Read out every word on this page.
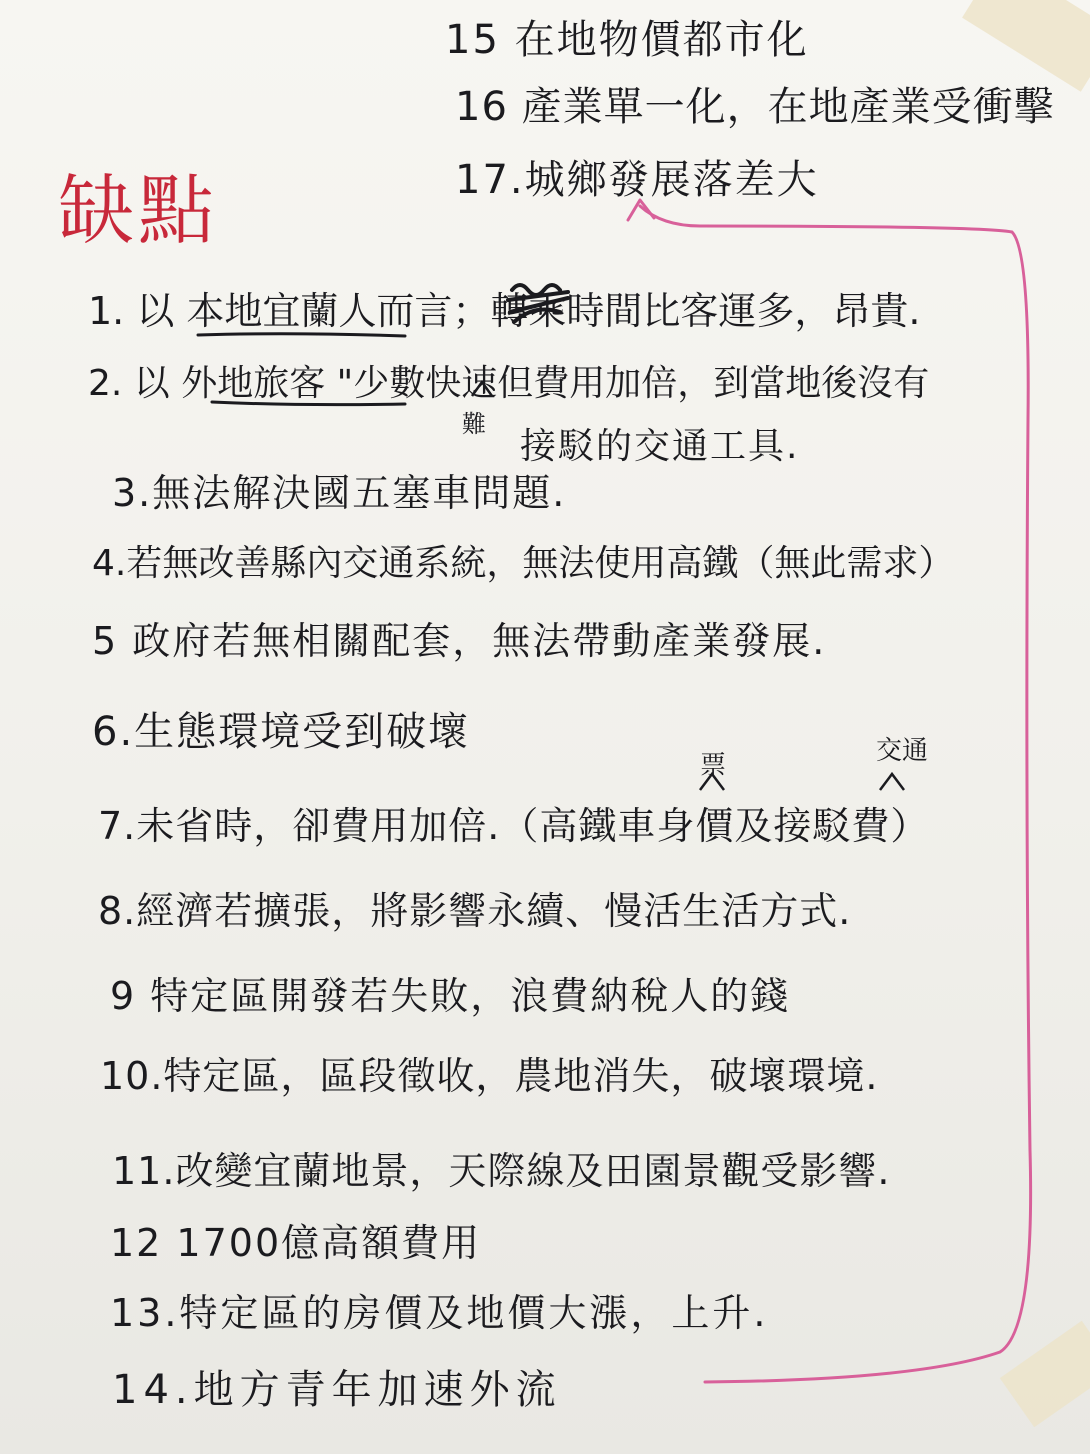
15 在地物價都市化
16 產業單一化，在地產業受衝擊
17.城鄉發展落差大
缺點
1. 以 本地宜蘭人而言；轉乘時間比客運多，昂貴.
2. 以 外地旅客 "少數快速但費用加倍，到當地後沒有
接駁的交通工具.
3.無法解決國五塞車問題.
4.若無改善縣內交通系統，無法使用高鐵（無此需求）
5 政府若無相關配套，無法帶動產業發展.
6.生態環境受到破壞
7.未省時，卻費用加倍.（高鐵車身價及接駁費）
8.經濟若擴張，將影響永續、慢活生活方式.
9 特定區開發若失敗，浪費納稅人的錢
10.特定區，區段徵收，農地消失，破壞環境.
11.改變宜蘭地景，天際線及田園景觀受影響.
12 1700億高額費用
13.特定區的房價及地價大漲，上升.
14.地方青年加速外流
難
票	交通
